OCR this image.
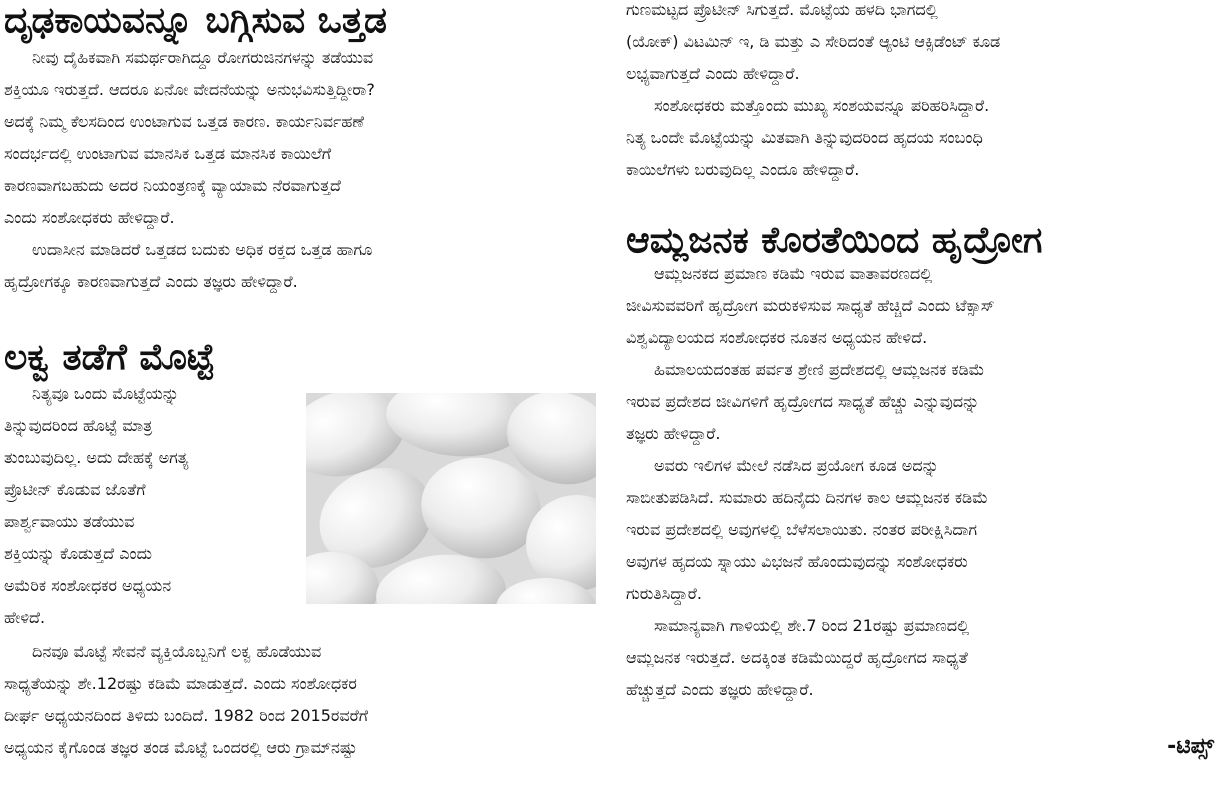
ದೃಢಕಾಯವನ್ನೂ ಬಗ್ಗಿಸುವ ಒತ್ತಡ
ನೀವು ದೈಹಿಕವಾಗಿ ಸಮರ್ಥರಾಗಿದ್ದೂ ರೋಗರುಜಿನಗಳನ್ನು ತಡೆಯುವ
ಶಕ್ತಿಯೂ ಇರುತ್ತದೆ. ಆದರೂ ಏನೋ ವೇದನೆಯನ್ನು ಅನುಭವಿಸುತ್ತಿದ್ದೀರಾ?
ಅದಕ್ಕೆ ನಿಮ್ಮ ಕೆಲಸದಿಂದ ಉಂಟಾಗುವ ಒತ್ತಡ ಕಾರಣ. ಕಾರ್ಯನಿರ್ವಹಣೆ
ಸಂದರ್ಭದಲ್ಲಿ ಉಂಟಾಗುವ ಮಾನಸಿಕ ಒತ್ತಡ ಮಾನಸಿಕ ಕಾಯಿಲೆಗೆ
ಕಾರಣವಾಗಬಹುದು ಅದರ ನಿಯಂತ್ರಣಕ್ಕೆ ವ್ಯಾಯಾಮ ನೆರವಾಗುತ್ತದೆ
ಎಂದು ಸಂಶೋಧಕರು ಹೇಳಿದ್ದಾರೆ.
ಉದಾಸೀನ ಮಾಡಿದರೆ ಒತ್ತಡದ ಬದುಕು ಅಧಿಕ ರಕ್ತದ ಒತ್ತಡ ಹಾಗೂ
ಹೃದ್ರೋಗಕ್ಕೂ ಕಾರಣವಾಗುತ್ತದೆ ಎಂದು ತಜ್ಞರು ಹೇಳಿದ್ದಾರೆ.
ಲಕ್ವ ತಡೆಗೆ ಮೊಟ್ಟೆ
ನಿತ್ಯವೂ ಒಂದು ಮೊಟ್ಟೆಯನ್ನು
ತಿನ್ನುವುದರಿಂದ ಹೊಟ್ಟೆ ಮಾತ್ರ
ತುಂಬುವುದಿಲ್ಲ. ಅದು ದೇಹಕ್ಕೆ ಅಗತ್ಯ
ಪ್ರೊಟೀನ್ ಕೊಡುವ ಜೊತೆಗೆ
ಪಾರ್ಶ್ವವಾಯು ತಡೆಯುವ
ಶಕ್ತಿಯನ್ನು ಕೊಡುತ್ತದೆ ಎಂದು
ಅಮೆರಿಕ ಸಂಶೋಧಕರ ಅಧ್ಯಯನ
ಹೇಳಿದೆ.
ದಿನವೂ ಮೊಟ್ಟೆ ಸೇವನೆ ವ್ಯಕ್ತಿಯೊಬ್ಬನಿಗೆ ಲಕ್ವ ಹೊಡೆಯುವ
ಸಾಧ್ಯತೆಯನ್ನು ಶೇ.12ರಷ್ಟು ಕಡಿಮೆ ಮಾಡುತ್ತದೆ. ಎಂದು ಸಂಶೋಧಕರ
ದೀರ್ಘ ಅಧ್ಯಯನದಿಂದ ತಿಳಿದು ಬಂದಿದೆ. 1982 ರಿಂದ 2015ರವರೆಗೆ
ಅಧ್ಯಯನ ಕೈಗೊಂಡ ತಜ್ಞರ ತಂಡ ಮೊಟ್ಟೆ ಒಂದರಲ್ಲಿ ಆರು ಗ್ರಾಮ್‌ನಷ್ಟು
ಗುಣಮಟ್ಟದ ಪ್ರೊಟೀನ್ ಸಿಗುತ್ತದೆ. ಮೊಟ್ಟೆಯ ಹಳದಿ ಭಾಗದಲ್ಲಿ
(ಯೋಕ್) ವಿಟಮಿನ್ ಇ, ಡಿ ಮತ್ತು ಎ ಸೇರಿದಂತೆ ಆ್ಯಂಟಿ ಆಕ್ಸಿಡೆಂಟ್ ಕೂಡ
ಲಭ್ಯವಾಗುತ್ತದೆ ಎಂದು ಹೇಳಿದ್ದಾರೆ.
ಸಂಶೋಧಕರು ಮತ್ತೊಂದು ಮುಖ್ಯ ಸಂಶಯವನ್ನೂ ಪರಿಹರಿಸಿದ್ದಾರೆ.
ನಿತ್ಯ ಒಂದೇ ಮೊಟ್ಟೆಯನ್ನು ಮಿತವಾಗಿ ತಿನ್ನುವುದರಿಂದ ಹೃದಯ ಸಂಬಂಧಿ
ಕಾಯಿಲೆಗಳು ಬರುವುದಿಲ್ಲ ಎಂದೂ ಹೇಳಿದ್ದಾರೆ.
ಆಮ್ಲಜನಕ ಕೊರತೆಯಿಂದ ಹೃದ್ರೋಗ
ಆಮ್ಲಜನಕದ ಪ್ರಮಾಣ ಕಡಿಮೆ ಇರುವ ವಾತಾವರಣದಲ್ಲಿ
ಜೀವಿಸುವವರಿಗೆ ಹೃದ್ರೋಗ ಮರುಕಳಿಸುವ ಸಾಧ್ಯತೆ ಹೆಚ್ಚಿದೆ ಎಂದು ಟೆಕ್ಸಾಸ್
ವಿಶ್ವವಿದ್ಯಾಲಯದ ಸಂಶೋಧಕರ ನೂತನ ಅಧ್ಯಯನ ಹೇಳಿದೆ.
ಹಿಮಾಲಯದಂತಹ ಪರ್ವತ ಶ್ರೇಣಿ ಪ್ರದೇಶದಲ್ಲಿ ಆಮ್ಲಜನಕ ಕಡಿಮೆ
ಇರುವ ಪ್ರದೇಶದ ಜೀವಿಗಳಿಗೆ ಹೃದ್ರೋಗದ ಸಾಧ್ಯತೆ ಹೆಚ್ಚು ಎನ್ನುವುದನ್ನು
ತಜ್ಞರು ಹೇಳಿದ್ದಾರೆ.
ಅವರು ಇಲಿಗಳ ಮೇಲೆ ನಡೆಸಿದ ಪ್ರಯೋಗ ಕೂಡ ಅದನ್ನು
ಸಾಬೀತುಪಡಿಸಿದೆ. ಸುಮಾರು ಹದಿನೈದು ದಿನಗಳ ಕಾಲ ಆಮ್ಲಜನಕ ಕಡಿಮೆ
ಇರುವ ಪ್ರದೇಶದಲ್ಲಿ ಅವುಗಳಲ್ಲಿ ಬೆಳೆಸಲಾಯಿತು. ನಂತರ ಪರೀಕ್ಷಿಸಿದಾಗ
ಅವುಗಳ ಹೃದಯ ಸ್ನಾಯು ವಿಭಜನೆ ಹೊಂದುವುದನ್ನು ಸಂಶೋಧಕರು
ಗುರುತಿಸಿದ್ದಾರೆ.
ಸಾಮಾನ್ಯವಾಗಿ ಗಾಳಿಯಲ್ಲಿ ಶೇ.7 ರಿಂದ 21ರಷ್ಟು ಪ್ರಮಾಣದಲ್ಲಿ
ಆಮ್ಲಜನಕ ಇರುತ್ತದೆ. ಅದಕ್ಕಿಂತ ಕಡಿಮೆಯಿದ್ದರೆ ಹೃದ್ರೋಗದ ಸಾಧ್ಯತೆ
ಹೆಚ್ಚುತ್ತದೆ ಎಂದು ತಜ್ಞರು ಹೇಳಿದ್ದಾರೆ.
-ಟಿಪ್ಸ್
